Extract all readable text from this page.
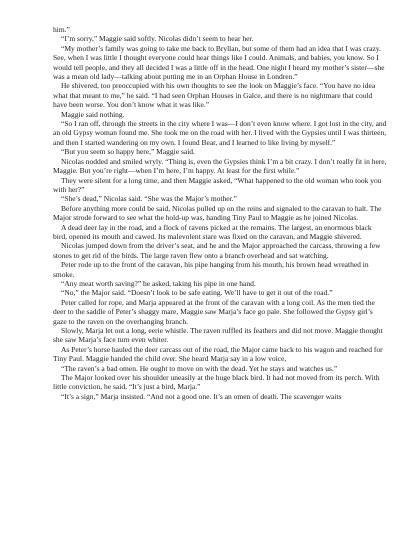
him.”

“I’m sorry,” Maggie said softly. Nicolas didn’t seem to hear her.

“My mother’s family was going to take me back to Bryllan, but some of them had an idea that I was crazy. See, when I was little I thought everyone could hear things like I could. Animals, and babies, you know. So I would tell people, and they all decided I was a little off in the head. One night I heard my mother’s sister—she was a mean old lady—talking about putting me in an Orphan House in Londren.”

He shivered, too preoccupied with his own thoughts to see the look on Maggie’s face. “You have no idea what that meant to me,” he said. “I had seen Orphan Houses in Galce, and there is no nightmare that could have been worse. You don’t know what it was like.”

Maggie said nothing.

“So I ran off, through the streets in the city where I was—I don’t even know where. I got lost in the city, and an old Gypsy woman found me. She took me on the road with her. I lived with the Gypsies until I was thirteen, and then I started wandering on my own. I found Bear, and I learned to like living by myself.”

“But you seem so happy here,” Maggie said.

Nicolas nodded and smiled wryly. “Thing is, even the Gypsies think I’m a bit crazy. I don’t really fit in here, Maggie. But you’re right—when I’m here, I’m happy. At least for the first while.”

They were silent for a long time, and then Maggie asked, “What happened to the old woman who took you with her?”

“She’s dead,” Nicolas said. “She was the Major’s mother.”

Before anything more could be said, Nicolas pulled up on the reins and signaled to the caravan to halt. The Major strode forward to see what the hold-up was, handing Tiny Paul to Maggie as he joined Nicolas.

A dead deer lay in the road, and a flock of ravens picked at the remains. The largest, an enormous black bird, opened its mouth and cawed. Its malevolent stare was fixed on the caravan, and Maggie shivered.

Nicolas jumped down from the driver’s seat, and he and the Major approached the carcass, throwing a few stones to get rid of the birds. The large raven flew onto a branch overhead and sat watching.

Peter rode up to the front of the caravan, his pipe hanging from his mouth, his brown head wreathed in smoke.

“Any meat worth saving?” he asked, taking his pipe in one hand.

“No,” the Major said. “Doesn’t look to be safe eating. We’ll have to get it out of the road.”

Peter called for rope, and Marja appeared at the front of the caravan with a long coil. As the men tied the deer to the saddle of Peter’s shaggy mare, Maggie saw Marja’s face go pale. She followed the Gypsy girl’s gaze to the raven on the overhanging branch.

Slowly, Marja let out a long, eerie whistle. The raven ruffled its feathers and did not move. Maggie thought she saw Marja’s face turn even whiter.

As Peter’s horse hauled the deer carcass out of the road, the Major came back to his wagon and reached for Tiny Paul. Maggie handed the child over. She heard Marja say in a low voice,

“The raven’s a bad omen. He ought to move on with the dead. Yet he stays and watches us.”

The Major looked over his shoulder uneasily at the huge black bird. It had not moved from its perch. With little conviction, he said, “It’s just a bird, Marja.”

“It’s a sign,” Marja insisted. “And not a good one. It’s an omen of death. The scavenger waits
